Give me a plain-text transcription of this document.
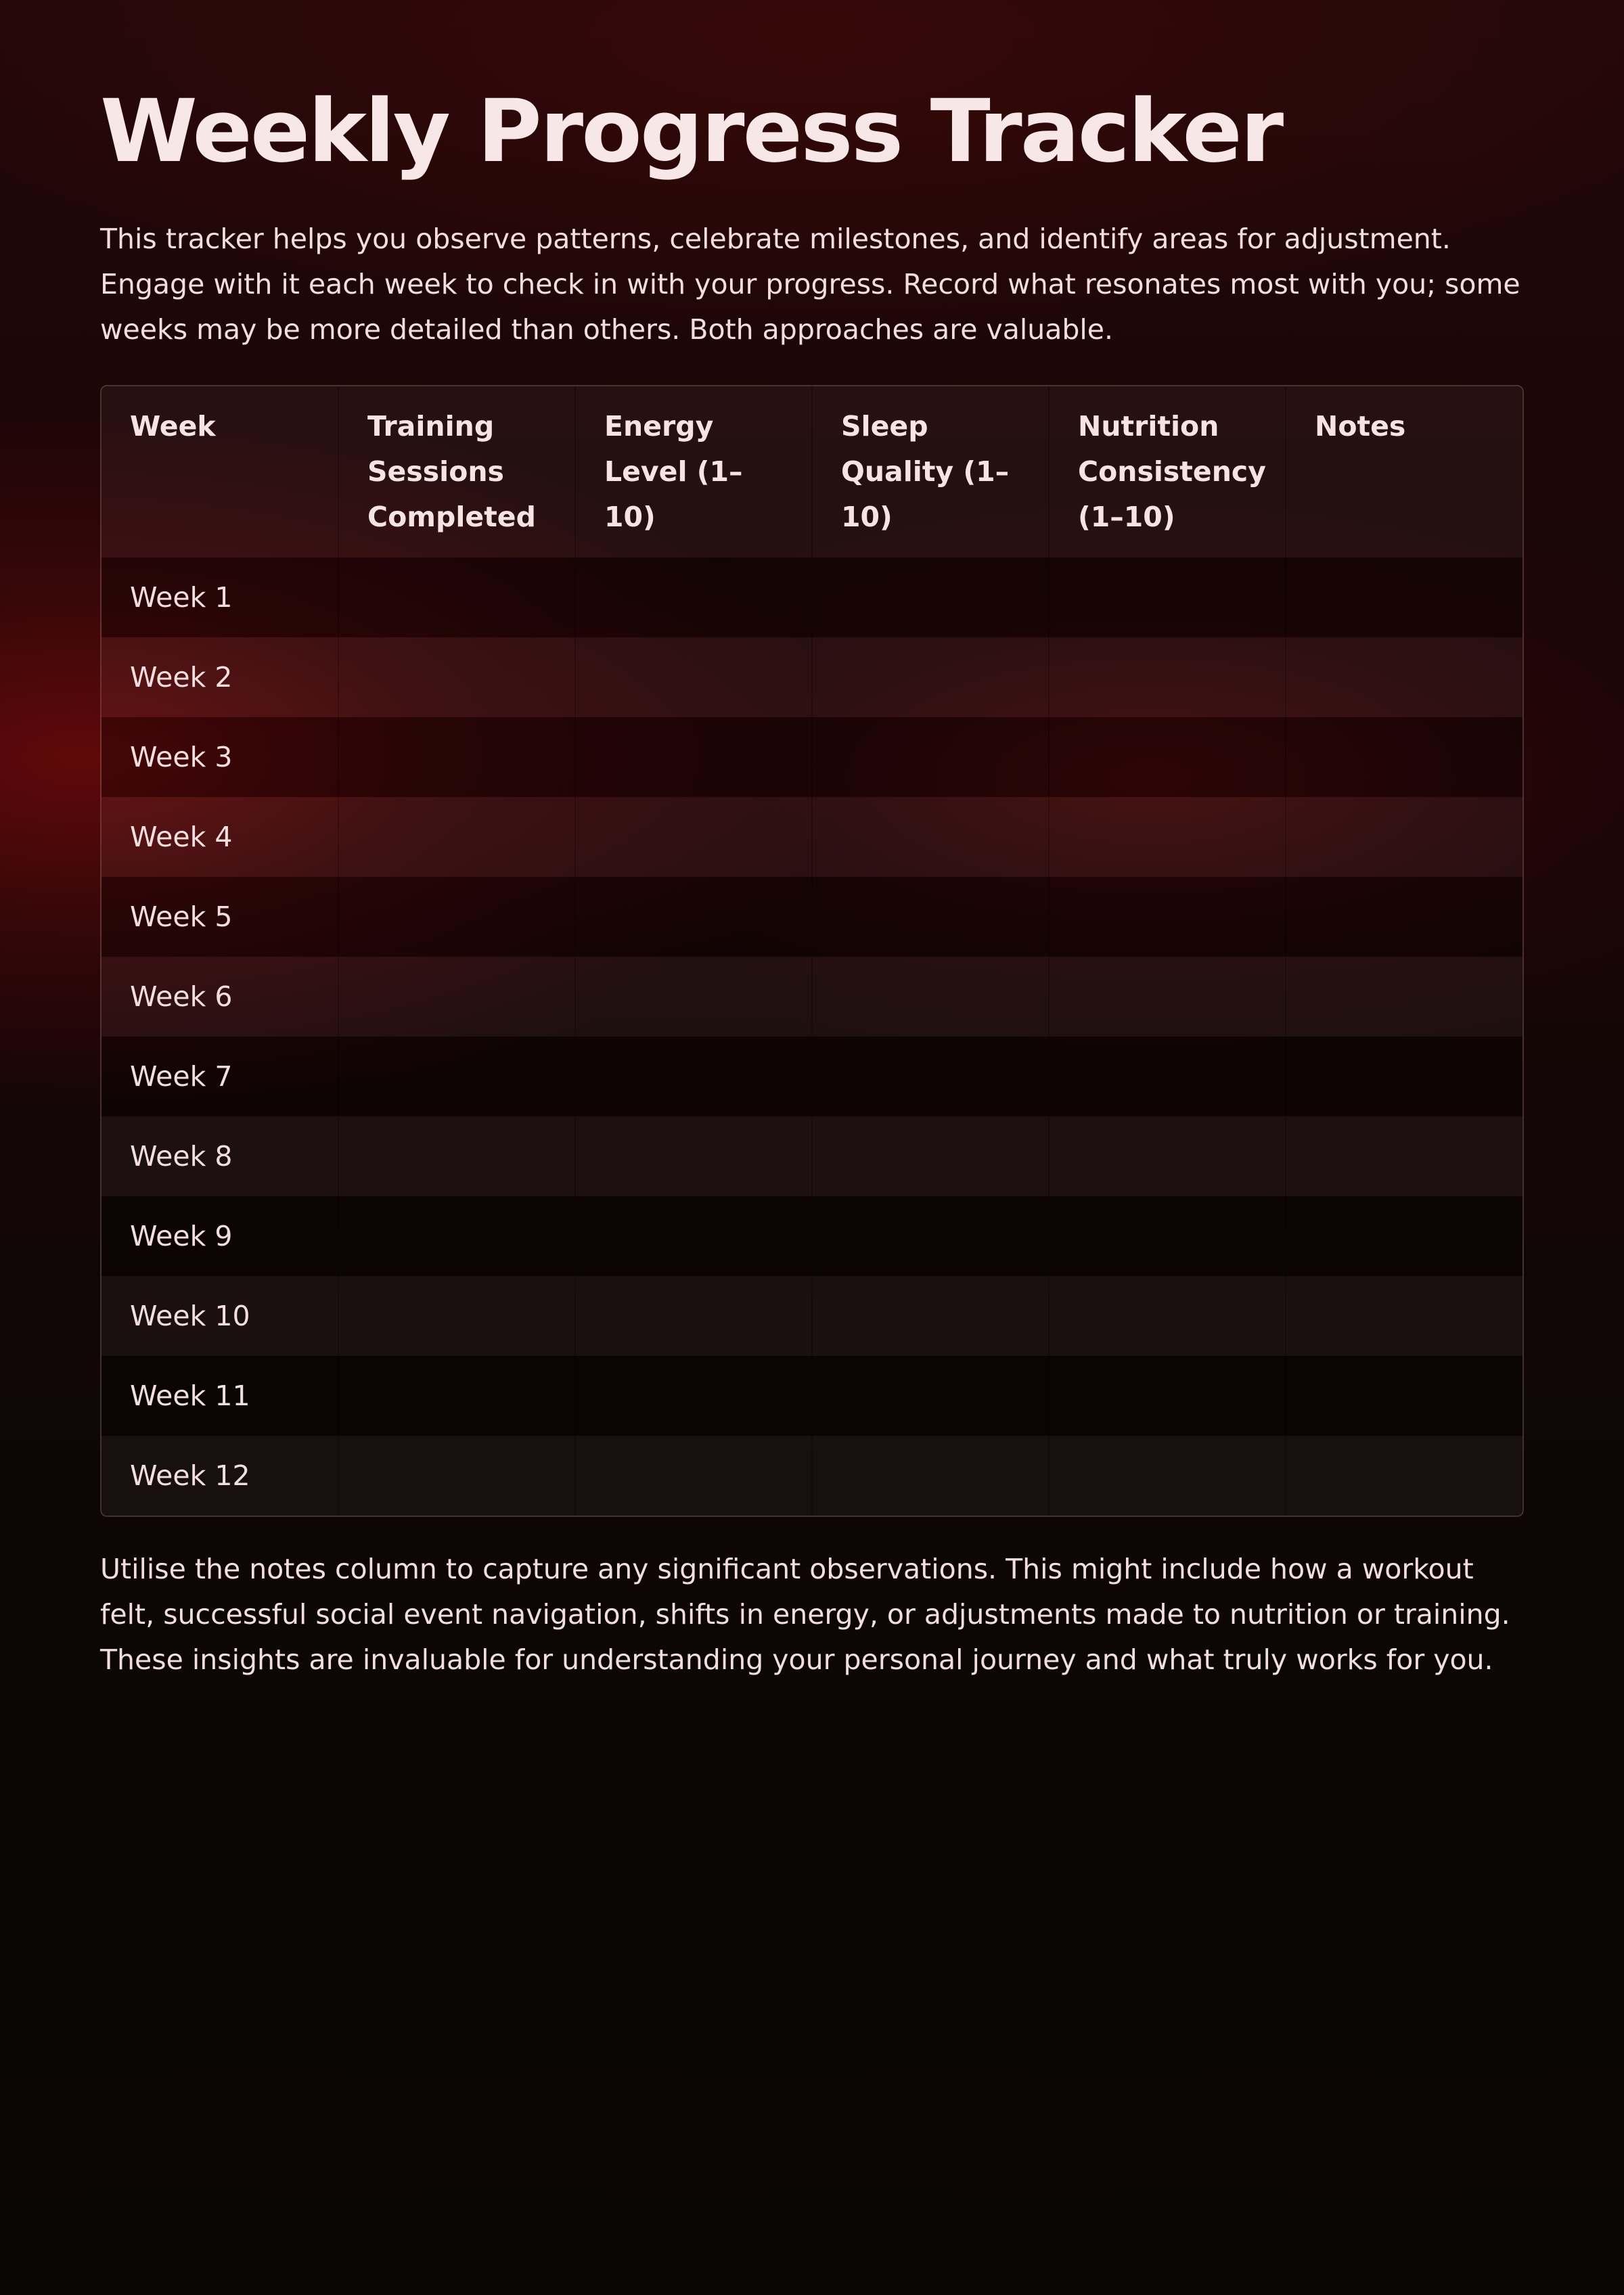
Weekly Progress Tracker

This tracker helps you observe patterns, celebrate milestones, and identify areas for adjustment. Engage with it each week to check in with your progress. Record what resonates most with you; some weeks may be more detailed than others. Both approaches are valuable.

Week	Training Sessions Completed	Energy Level (1–10)	Sleep Quality (1–10)	Nutrition Consistency (1–10)	Notes
Week 1					
Week 2					
Week 3					
Week 4					
Week 5					
Week 6					
Week 7					
Week 8					
Week 9					
Week 10					
Week 11					
Week 12					

Utilise the notes column to capture any significant observations. This might include how a workout felt, successful social event navigation, shifts in energy, or adjustments made to nutrition or training. These insights are invaluable for understanding your personal journey and what truly works for you.
